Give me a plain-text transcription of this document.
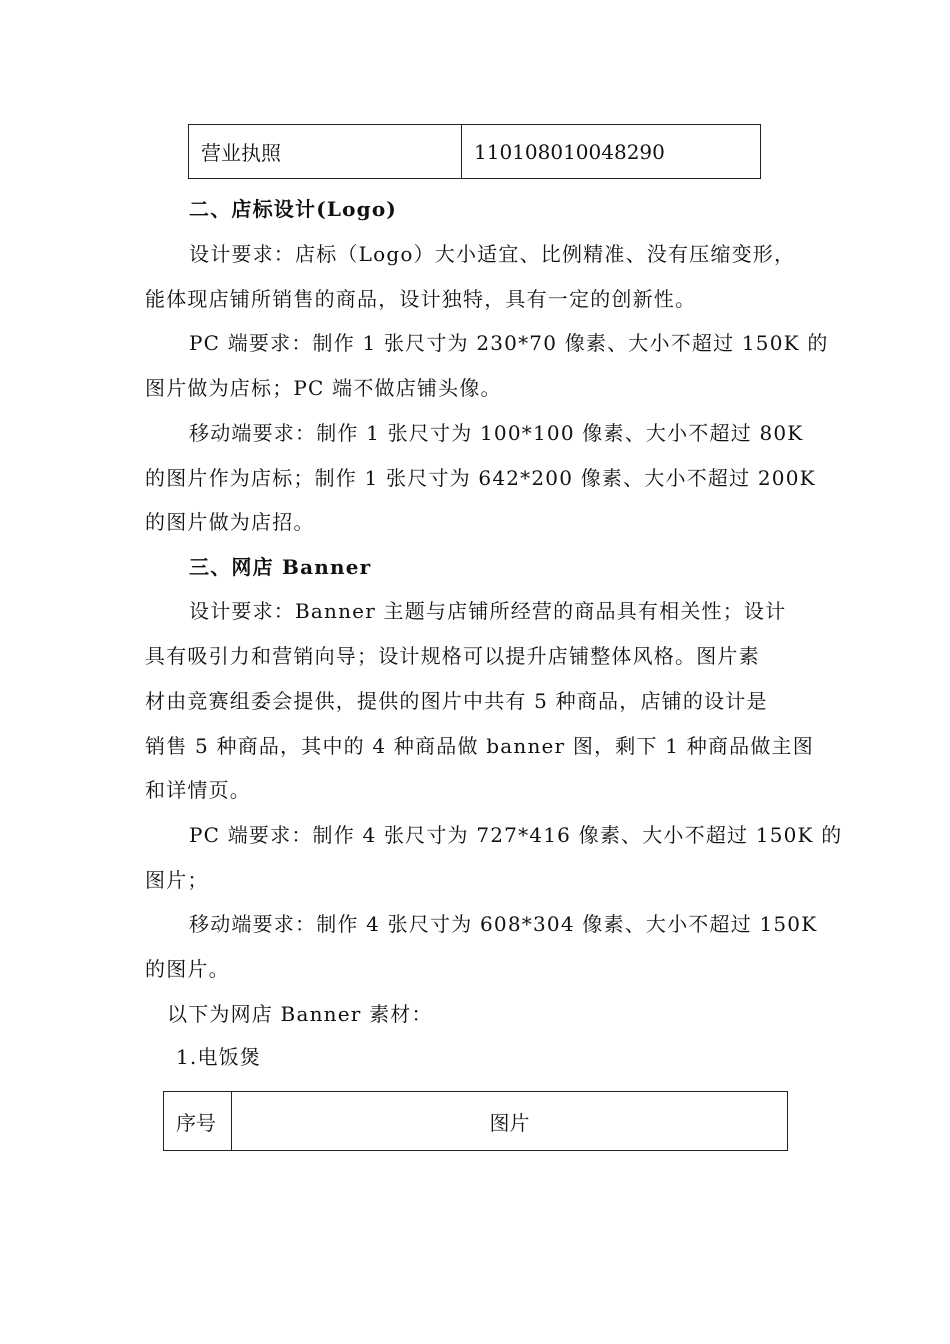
营业执照	110108010048290
二、店标设计(Logo)
设计要求：店标（Logo）大小适宜、比例精准、没有压缩变形，
能体现店铺所销售的商品，设计独特，具有一定的创新性。
PC 端要求：制作 1 张尺寸为 230*70 像素、大小不超过 150K 的
图片做为店标；PC 端不做店铺头像。
移动端要求：制作 1 张尺寸为 100*100 像素、大小不超过 80K
的图片作为店标；制作 1 张尺寸为 642*200 像素、大小不超过 200K
的图片做为店招。
三、网店 Banner
设计要求：Banner 主题与店铺所经营的商品具有相关性；设计
具有吸引力和营销向导；设计规格可以提升店铺整体风格。图片素
材由竞赛组委会提供，提供的图片中共有 5 种商品，店铺的设计是
销售 5 种商品，其中的 4 种商品做 banner 图，剩下 1 种商品做主图
和详情页。
PC 端要求：制作 4 张尺寸为 727*416 像素、大小不超过 150K 的
图片；
移动端要求：制作 4 张尺寸为 608*304 像素、大小不超过 150K
的图片。
以下为网店 Banner 素材：
1.电饭煲
序号	图片
